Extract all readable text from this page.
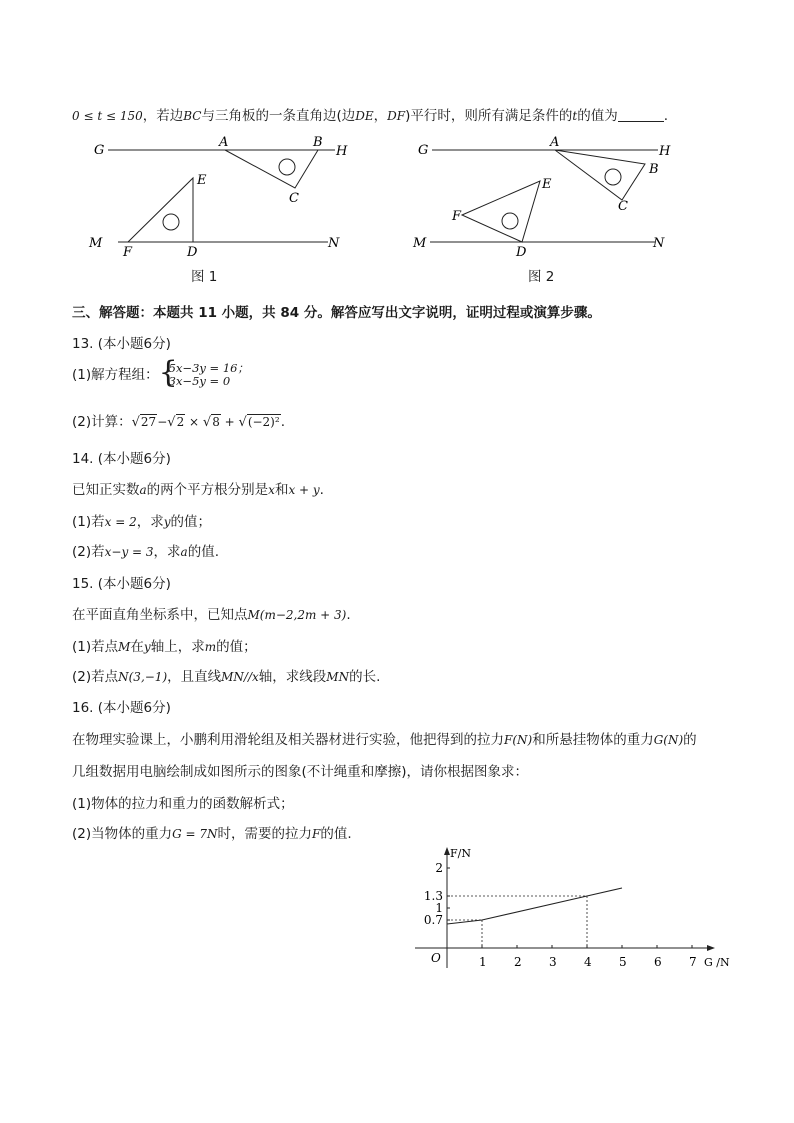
0 ≤ t ≤ 150，若边BC与三角板的一条直角边(边DE，DF)平行时，则所有满足条件的t的值为	.
G
A	B
H
C
E
M
F	D
N
图 1
G
A
H
B
C
E
F
M
D
N
图 2
三、解答题：本题共 11 小题，共 84 分。解答应写出文字说明，证明过程或演算步骤。
13. (本小题6分)
(1)解方程组： {
5x−3y = 16；
3x−5y = 0
(2)计算：√27−√2 × √8 + √(−2)².
14. (本小题6分)
已知正实数a的两个平方根分别是x和x + y.
(1)若x = 2，求y的值；
(2)若x−y = 3，求a的值.
15. (本小题6分)
在平面直角坐标系中，已知点M(m−2,2m + 3).
(1)若点M在y轴上，求m的值；
(2)若点N(3,−1)，且直线MN//x轴，求线段MN的长.
16. (本小题6分)
在物理实验课上，小鹏利用滑轮组及相关器材进行实验，他把得到的拉力F(N)和所悬挂物体的重力G(N)的
几组数据用电脑绘制成如图所示的图象(不计绳重和摩擦)，请你根据图象求：
(1)物体的拉力和重力的函数解析式；
(2)当物体的重力G = 7N时，需要的拉力F的值.
F/N
G /N
O	1 2 3 4 5 6 7
0.7
1
1.3
2
